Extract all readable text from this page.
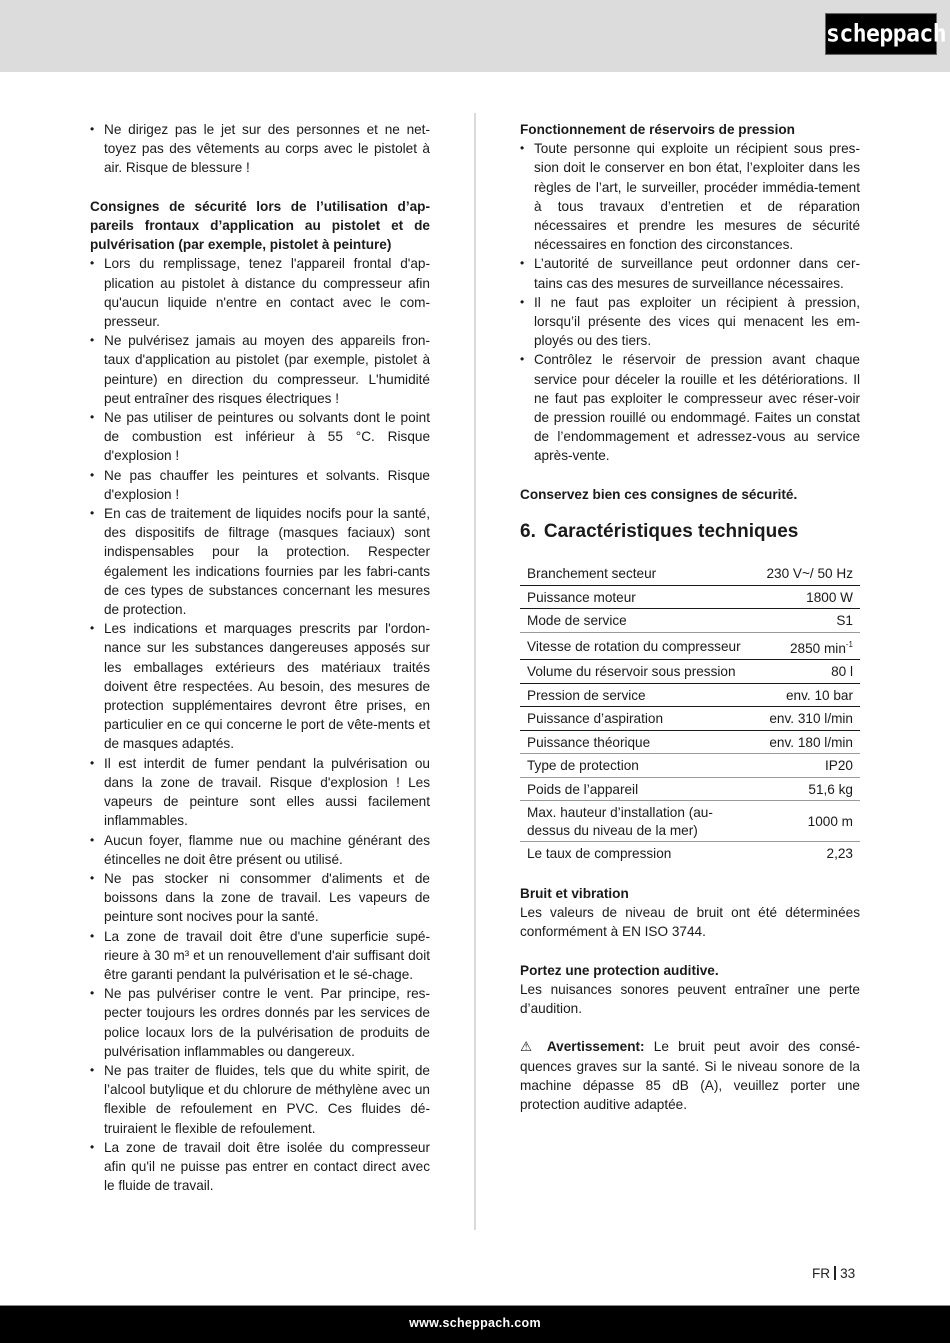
scheppach
• Ne dirigez pas le jet sur des personnes et ne net-toyez pas des vêtements au corps avec le pistolet à air. Risque de blessure !
Consignes de sécurité lors de l’utilisation d’ap-pareils frontaux d’application au pistolet et de pulvérisation (par exemple, pistolet à peinture)
• Lors du remplissage, tenez l'appareil frontal d'ap-plication au pistolet à distance du compresseur afin qu'aucun liquide n'entre en contact avec le com-presseur.
• Ne pulvérisez jamais au moyen des appareils fron-taux d'application au pistolet (par exemple, pistolet à peinture) en direction du compresseur. L'humidité peut entraîner des risques électriques !
• Ne pas utiliser de peintures ou solvants dont le point de combustion est inférieur à 55 °C. Risque d'explosion !
• Ne pas chauffer les peintures et solvants. Risque d'explosion !
• En cas de traitement de liquides nocifs pour la santé, des dispositifs de filtrage (masques faciaux) sont indispensables pour la protection. Respecter également les indications fournies par les fabri-cants de ces types de substances concernant les mesures de protection.
• Les indications et marquages prescrits par l'ordon-nance sur les substances dangereuses apposés sur les emballages extérieurs des matériaux traités doivent être respectées. Au besoin, des mesures de protection supplémentaires devront être prises, en particulier en ce qui concerne le port de vête-ments et de masques adaptés.
• Il est interdit de fumer pendant la pulvérisation ou dans la zone de travail. Risque d'explosion ! Les vapeurs de peinture sont elles aussi facilement inflammables.
• Aucun foyer, flamme nue ou machine générant des étincelles ne doit être présent ou utilisé.
• Ne pas stocker ni consommer d'aliments et de boissons dans la zone de travail. Les vapeurs de peinture sont nocives pour la santé.
• La zone de travail doit être d'une superficie supé-rieure à 30 m³ et un renouvellement d'air suffisant doit être garanti pendant la pulvérisation et le sé-chage.
• Ne pas pulvériser contre le vent. Par principe, res-pecter toujours les ordres donnés par les services de police locaux lors de la pulvérisation de produits de pulvérisation inflammables ou dangereux.
• Ne pas traiter de fluides, tels que du white spirit, de l’alcool butylique et du chlorure de méthylène avec un flexible de refoulement en PVC. Ces fluides dé-truiraient le flexible de refoulement.
• La zone de travail doit être isolée du compresseur afin qu'il ne puisse pas entrer en contact direct avec le fluide de travail.
Fonctionnement de réservoirs de pression
• Toute personne qui exploite un récipient sous pres-sion doit le conserver en bon état, l’exploiter dans les règles de l’art, le surveiller, procéder immédia-tement à tous travaux d’entretien et de réparation nécessaires et prendre les mesures de sécurité nécessaires en fonction des circonstances.
• L’autorité de surveillance peut ordonner dans cer-tains cas des mesures de surveillance nécessaires.
• Il ne faut pas exploiter un récipient à pression, lorsqu’il présente des vices qui menacent les em-ployés ou des tiers.
• Contrôlez le réservoir de pression avant chaque service pour déceler la rouille et les détériorations. Il ne faut pas exploiter le compresseur avec réser-voir de pression rouillé ou endommagé. Faites un constat de l’endommagement et adressez-vous au service après-vente.
Conservez bien ces consignes de sécurité.
6. Caractéristiques techniques
Branchement secteur	230 V~/ 50 Hz
Puissance moteur	1800 W
Mode de service	S1
Vitesse de rotation du compresseur	2850 $\min^{-1}$
Volume du réservoir sous pression	80 l
Pression de service	env. 10 bar
Puissance d’aspiration	env. 310 l/min
Puissance théorique	env. 180 l/min
Type de protection	IP20
Poids de l’appareil	51,6 kg
Max. hauteur d’installation (au-dessus du niveau de la mer)	1000 m
Le taux de compression	2,23
Bruit et vibration

Les valeurs de niveau de bruit ont été déterminées conformément à EN ISO 3744.

Portez une protection auditive.

Les nuisances sonores peuvent entraîner une perte d’audition.

⚠ Avertissement: Le bruit peut avoir des consé-quences graves sur la santé. Si le niveau sonore de la machine dépasse 85 dB (A), veuillez porter une protection auditive adaptée.

FR 33
www.scheppach.com
